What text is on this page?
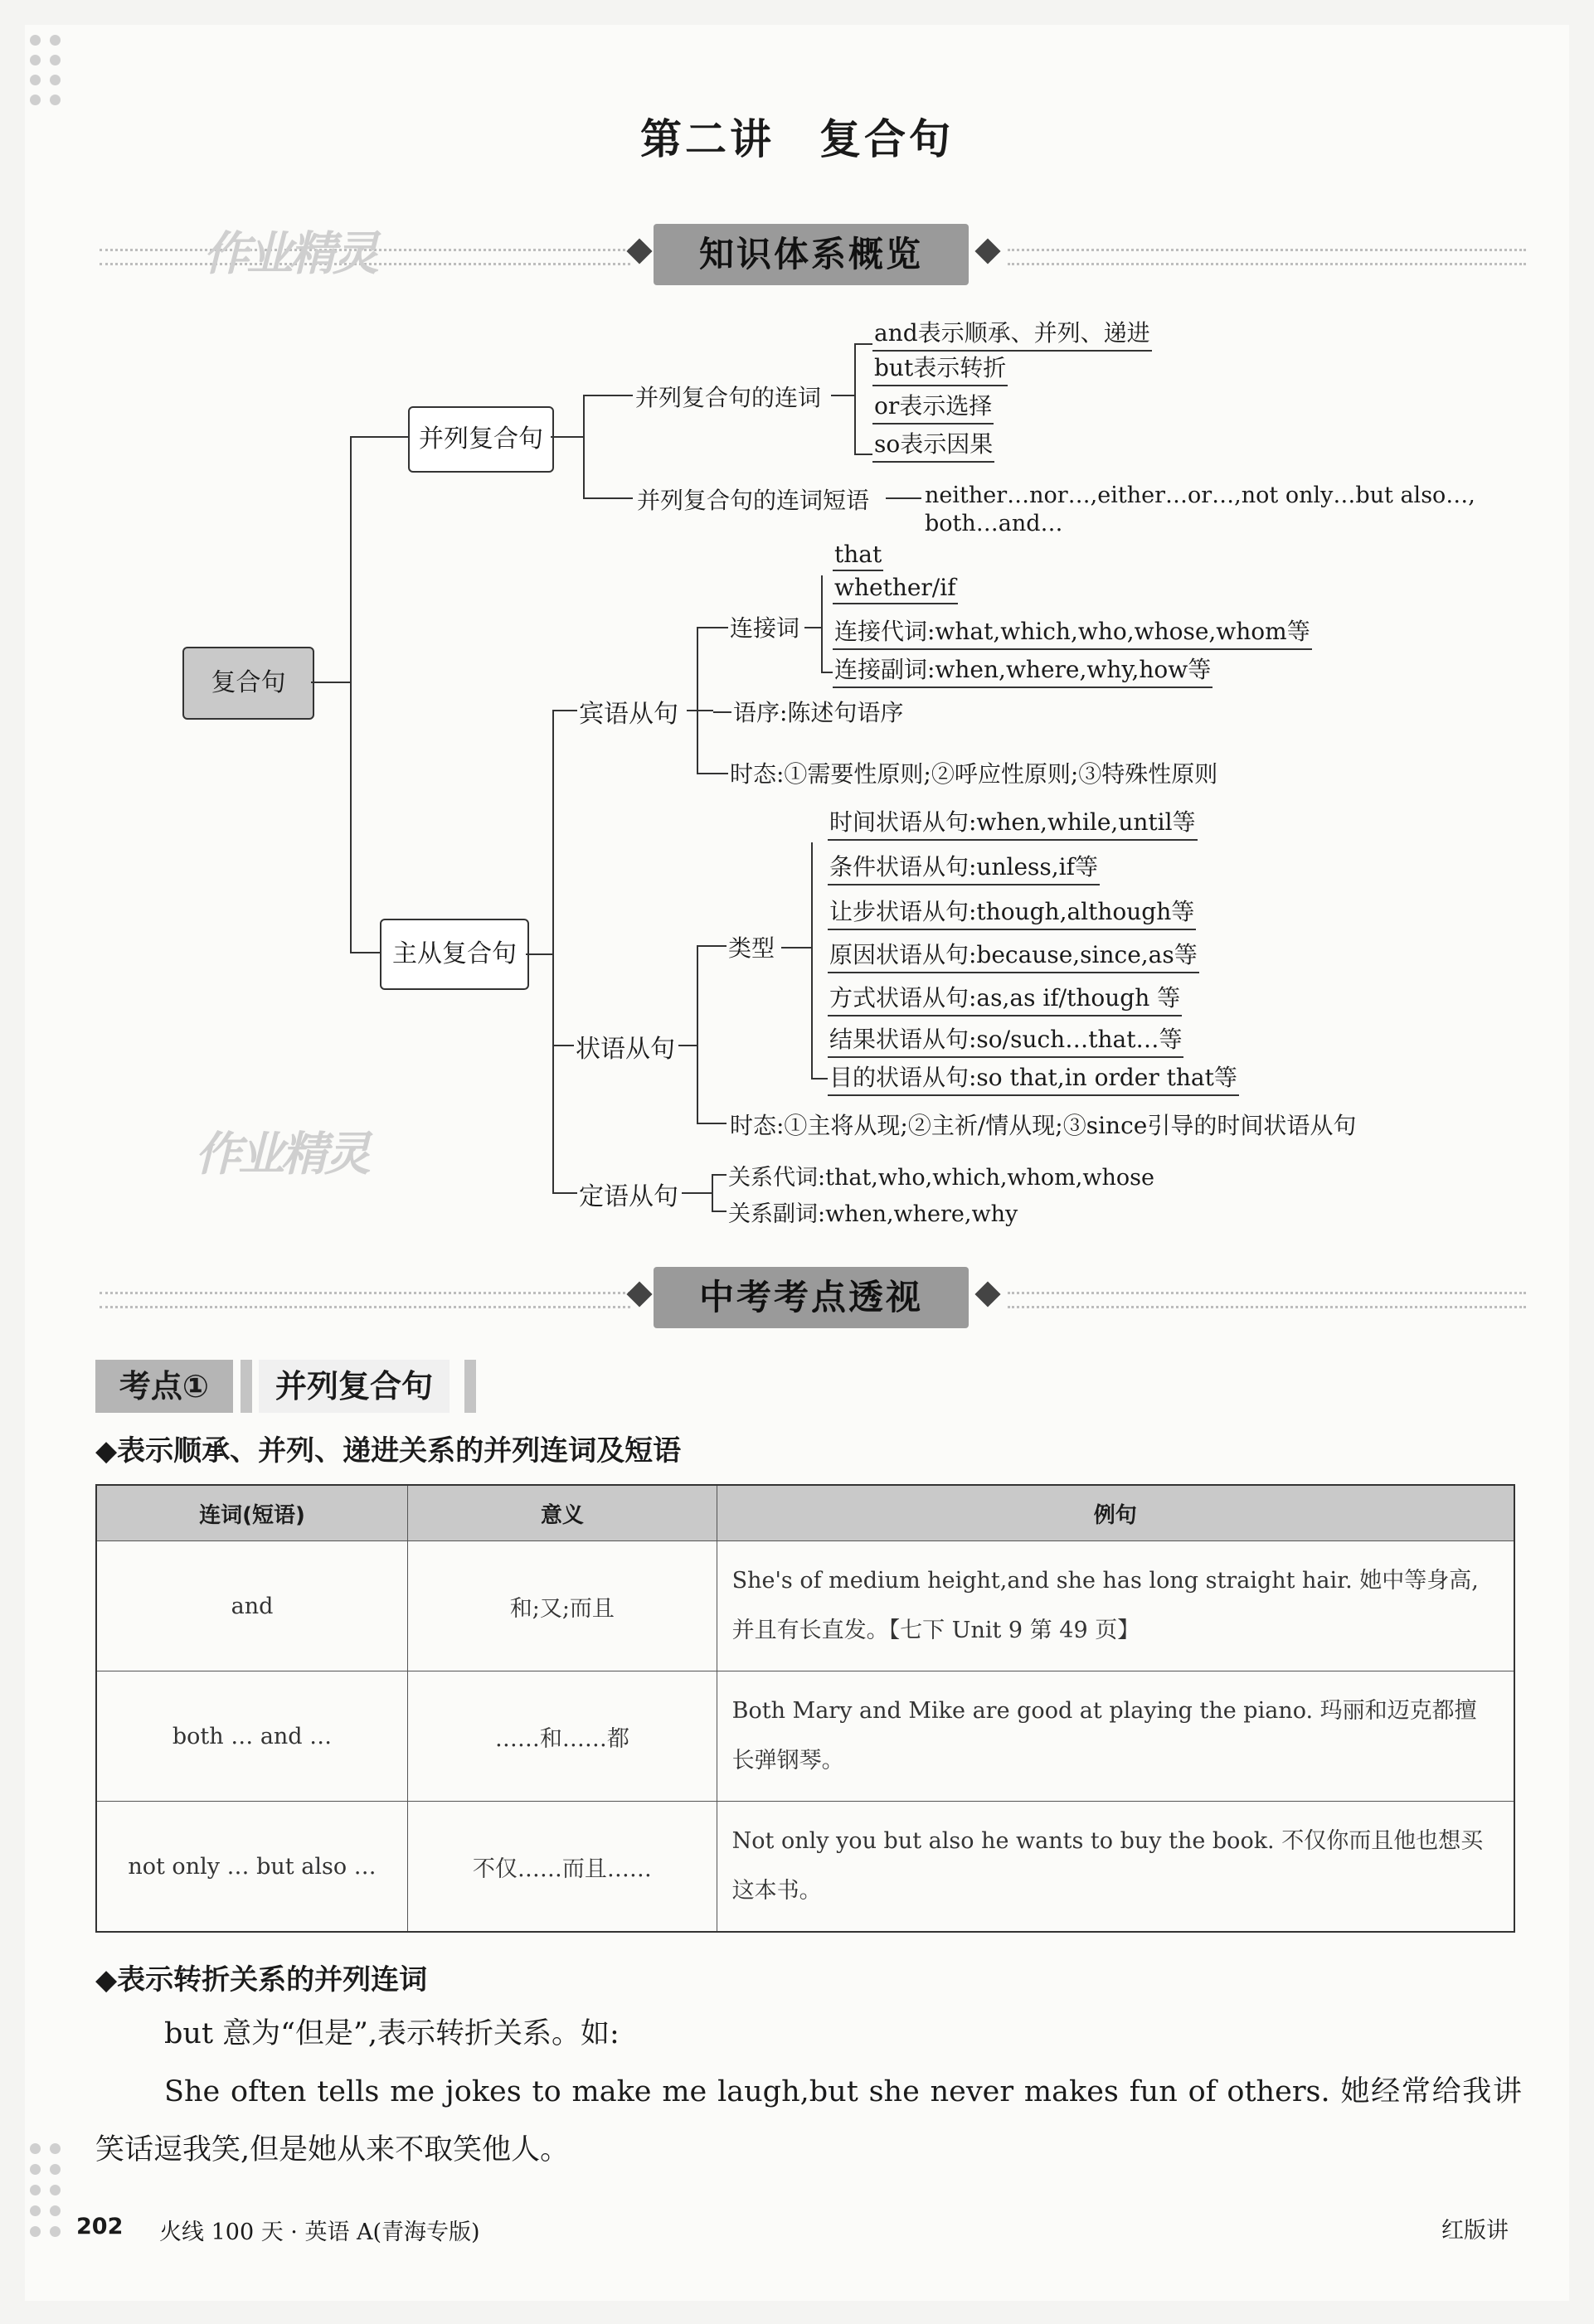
第二讲　复合句
知识体系概览
作业精灵
复合句
并列复合句
并列复合句的连词
and表示顺承、并列、递进
but表示转折
or表示选择
so表示因果
并列复合句的连词短语 neither…nor…,either…or…,not only…but also…,
both…and…
主从复合句
宾语从句
连接词
that
whether/if
连接代词:what,which,who,whose,whom等
连接副词:when,where,why,how等
语序:陈述句语序
时态:①需要性原则;②呼应性原则;③特殊性原则
状语从句
类型
时间状语从句:when,while,until等
条件状语从句:unless,if等
让步状语从句:though,although等
原因状语从句:because,since,as等
方式状语从句:as,as if/though 等
结果状语从句:so/such…that…等
目的状语从句:so that,in order that等
时态:①主将从现;②主祈/情从现;③since引导的时间状语从句
定语从句
关系代词:that,who,which,whom,whose
关系副词:when,where,why
作业精灵
中考考点透视
考点①	并列复合句
◆表示顺承、并列、递进关系的并列连词及短语
连词(短语)	意义	例句
and	和;又;而且	She's of medium height,and she has long straight hair. 她中等身高,并且有长直发。【七下 Unit 9 第 49 页】
both … and …	……和……都	Both Mary and Mike are good at playing the piano. 玛丽和迈克都擅长弹钢琴。
not only … but also …	不仅……而且……	Not only you but also he wants to buy the book. 不仅你而且他也想买这本书。
◆表示转折关系的并列连词
but 意为“但是”,表示转折关系。如:
She often tells me jokes to make me laugh,but she never makes fun of others. 她经常给我讲笑话逗我笑,但是她从来不取笑他人。
202 火线 100 天 · 英语 A(青海专版)	红版讲
